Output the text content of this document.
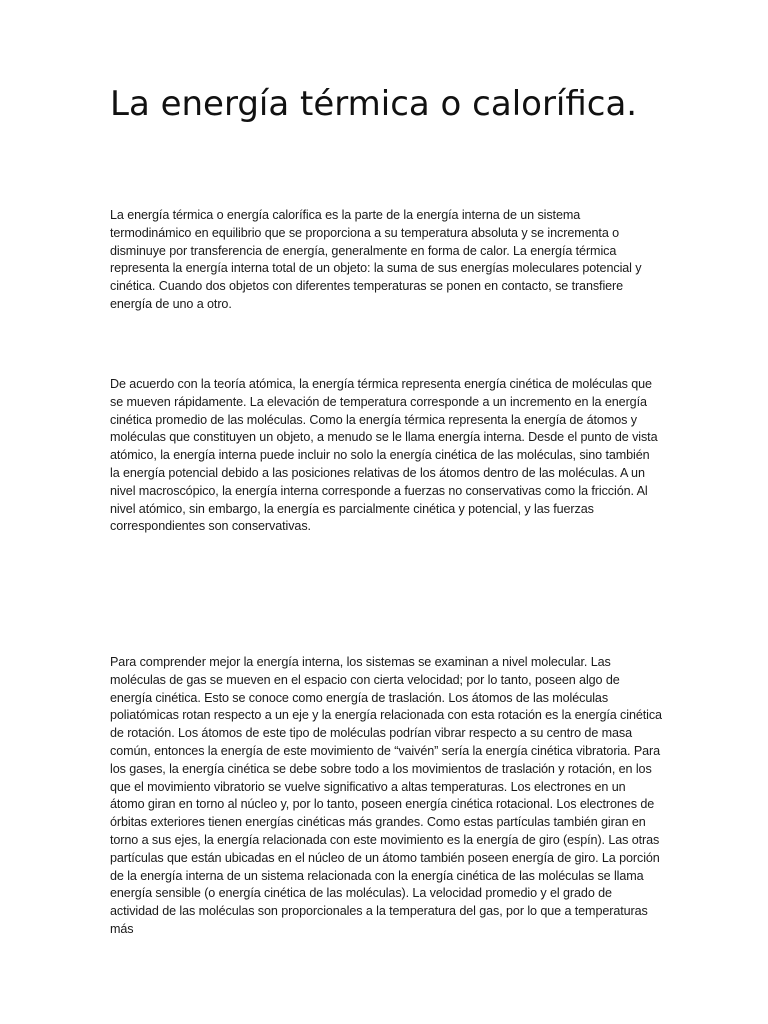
La energía térmica o calorífica.

La energía térmica o energía calorífica es la parte de la energía interna de un sistema termodinámico en equilibrio que se proporciona a su temperatura absoluta y se incrementa o disminuye por transferencia de energía, generalmente en forma de calor. La energía térmica representa la energía interna total de un objeto: la suma de sus energías moleculares potencial y cinética. Cuando dos objetos con diferentes temperaturas se ponen en contacto, se transfiere energía de uno a otro.

De acuerdo con la teoría atómica, la energía térmica representa energía cinética de moléculas que se mueven rápidamente. La elevación de temperatura corresponde a un incremento en la energía cinética promedio de las moléculas. Como la energía térmica representa la energía de átomos y moléculas que constituyen un objeto, a menudo se le llama energía interna. Desde el punto de vista atómico, la energía interna puede incluir no solo la energía cinética de las moléculas, sino también la energía potencial debido a las posiciones relativas de los átomos dentro de las moléculas. A un nivel macroscópico, la energía interna corresponde a fuerzas no conservativas como la fricción. Al nivel atómico, sin embargo, la energía es parcialmente cinética y potencial, y las fuerzas correspondientes son conservativas.

Para comprender mejor la energía interna, los sistemas se examinan a nivel molecular. Las moléculas de gas se mueven en el espacio con cierta velocidad; por lo tanto, poseen algo de energía cinética. Esto se conoce como energía de traslación. Los átomos de las moléculas poliatómicas rotan respecto a un eje y la energía relacionada con esta rotación es la energía cinética de rotación. Los átomos de este tipo de moléculas podrían vibrar respecto a su centro de masa común, entonces la energía de este movimiento de “vaivén” sería la energía cinética vibratoria. Para los gases, la energía cinética se debe sobre todo a los movimientos de traslación y rotación, en los que el movimiento vibratorio se vuelve significativo a altas temperaturas. Los electrones en un átomo giran en torno al núcleo y, por lo tanto, poseen energía cinética rotacional. Los electrones de órbitas exteriores tienen energías cinéticas más grandes. Como estas partículas también giran en torno a sus ejes, la energía relacionada con este movimiento es la energía de giro (espín). Las otras partículas que están ubicadas en el núcleo de un átomo también poseen energía de giro. La porción de la energía interna de un sistema relacionada con la energía cinética de las moléculas se llama energía sensible (o energía cinética de las moléculas). La velocidad promedio y el grado de actividad de las moléculas son proporcionales a la temperatura del gas, por lo que a temperaturas más
